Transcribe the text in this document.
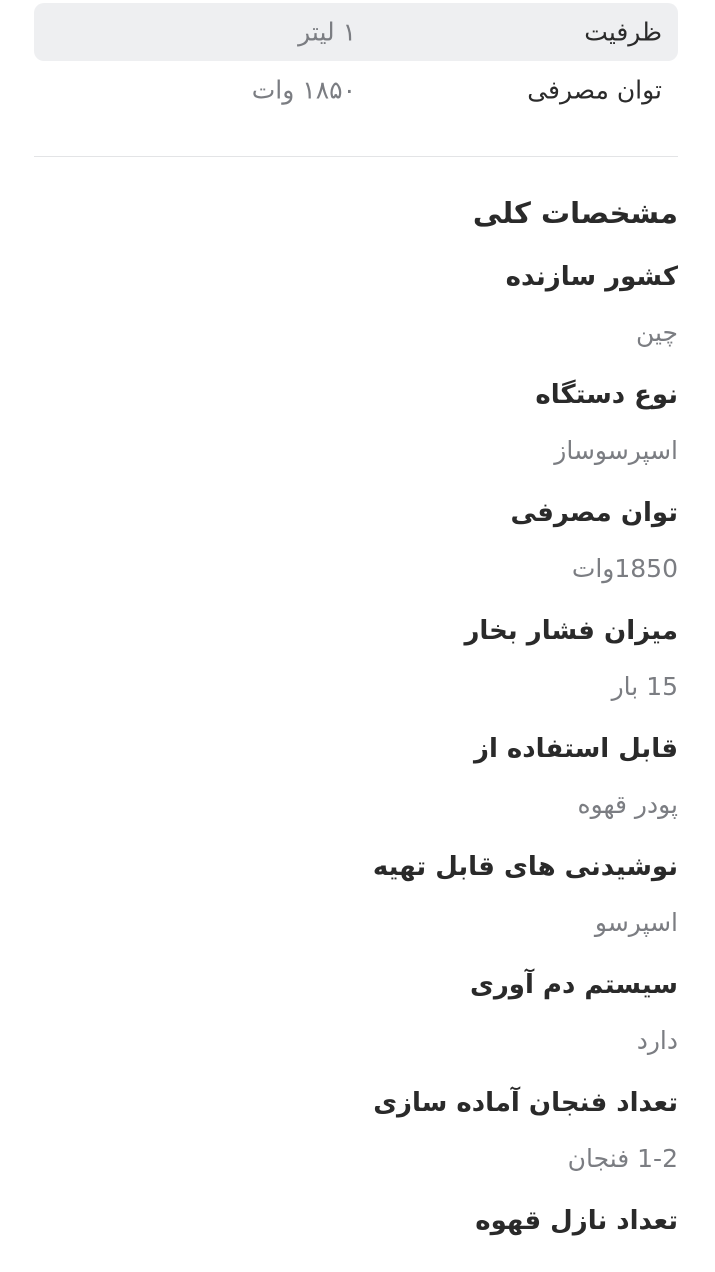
ظرفیت
۱ لیتر
توان مصرفی
۱۸۵۰ وات
مشخصات کلی
کشور سازنده
چین
نوع دستگاه
اسپرسوساز
توان مصرفی
1850وات
میزان فشار بخار
15 بار
قابل استفاده از
پودر قهوه
نوشیدنی های قابل تهیه
اسپرسو
سیستم دم آوری
دارد
تعداد فنجان آماده سازی
1-2 فنجان
تعداد نازل قهوه
